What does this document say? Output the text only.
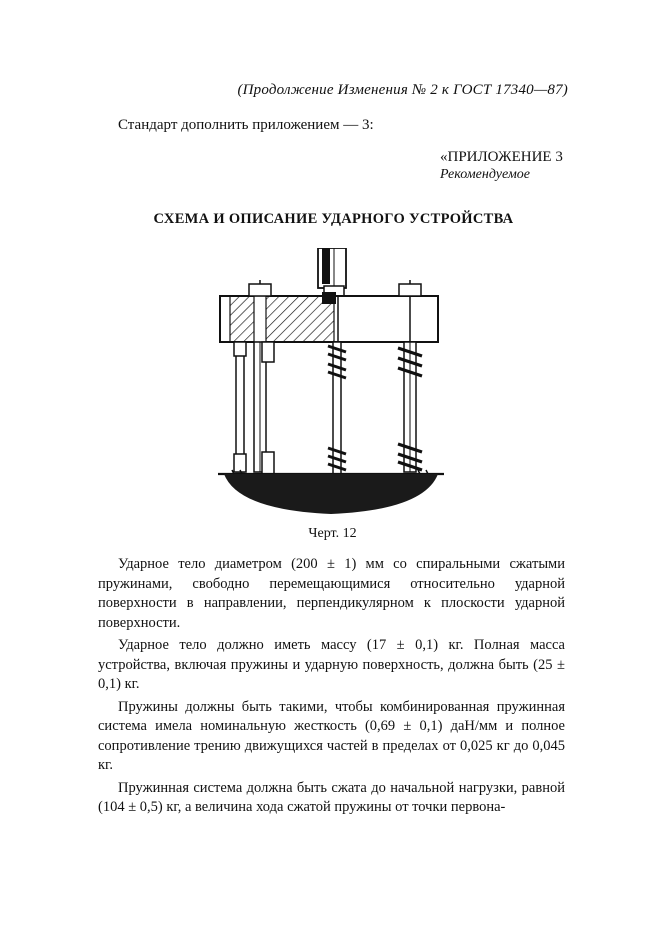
(Продолжение Изменения № 2 к ГОСТ 17340—87)
Стандарт дополнить приложением — 3:
«ПРИЛОЖЕНИЕ 3
Рекомендуемое
СХЕМА И ОПИСАНИЕ УДАРНОГО УСТРОЙСТВА
Черт. 12

Ударное тело диаметром (200 ± 1) мм со спиральными сжатыми пружинами, свободно перемещающимися относительно ударной поверхности в направлении, перпендикулярном к плоскости ударной поверхности.

Ударное тело должно иметь массу (17 ± 0,1) кг. Полная масса устройства, включая пружины и ударную поверхность, должна быть (25 ± 0,1) кг.

Пружины должны быть такими, чтобы комбинированная пружинная система имела номинальную жесткость (0,69 ± 0,1) даН/мм и полное сопротивление трению движущихся частей в пределах от 0,025 кг до 0,045 кг.

Пружинная система должна быть сжата до начальной нагрузки, равной (104 ± 0,5) кг, а величина хода сжатой пружины от точки первона-
